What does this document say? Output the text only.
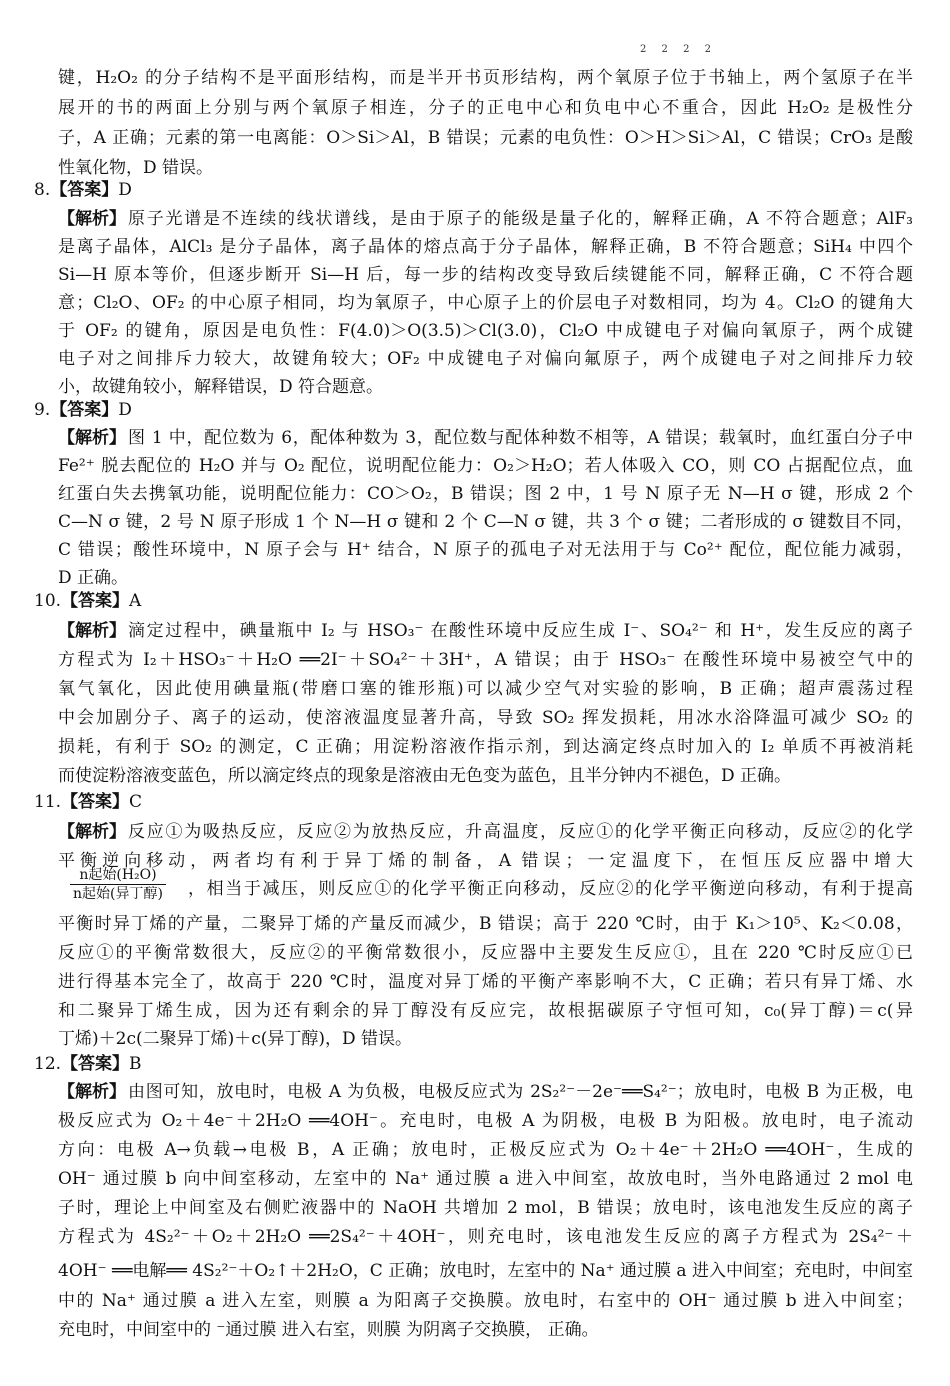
2 2 2 2
键，H₂O₂ 的分子结构不是平面形结构，而是半开书页形结构，两个氧原子位于书轴上，两个氢原子在半
展开的书的两面上分别与两个氧原子相连，分子的正电中心和负电中心不重合，因此 H₂O₂ 是极性分
子，A 正确；元素的第一电离能：O＞Si＞Al，B 错误；元素的电负性：O＞H＞Si＞Al，C 错误；CrO₃ 是酸
性氧化物，D 错误。
8.【答案】D
【解析】 原子光谱是不连续的线状谱线，是由于原子的能级是量子化的，解释正确，A 不符合题意；AlF₃
是离子晶体，AlCl₃ 是分子晶体，离子晶体的熔点高于分子晶体，解释正确，B 不符合题意；SiH₄ 中四个
Si—H 原本等价，但逐步断开 Si—H 后，每一步的结构改变导致后续键能不同，解释正确，C 不符合题
意；Cl₂O、OF₂ 的中心原子相同，均为氧原子，中心原子上的价层电子对数相同，均为 4。Cl₂O 的键角大
于 OF₂ 的键角，原因是电负性：F(4.0)＞O(3.5)＞Cl(3.0)，Cl₂O 中成键电子对偏向氧原子，两个成键
电子对之间排斥力较大，故键角较大；OF₂ 中成键电子对偏向氟原子，两个成键电子对之间排斥力较
小，故键角较小，解释错误，D 符合题意。
9.【答案】D
【解析】 图 1 中，配位数为 6，配体种数为 3，配位数与配体种数不相等，A 错误；载氧时，血红蛋白分子中
Fe²⁺ 脱去配位的 H₂O 并与 O₂ 配位，说明配位能力：O₂＞H₂O；若人体吸入 CO，则 CO 占据配位点，血
红蛋白失去携氧功能，说明配位能力：CO＞O₂，B 错误；图 2 中，1 号 N 原子无 N—H σ 键，形成 2 个
C—N σ 键，2 号 N 原子形成 1 个 N—H σ 键和 2 个 C—N σ 键，共 3 个 σ 键；二者形成的 σ 键数目不同，
C 错误；酸性环境中，N 原子会与 H⁺ 结合，N 原子的孤电子对无法用于与 Co²⁺ 配位，配位能力减弱，
D 正确。
10.【答案】A
【解析】 滴定过程中，碘量瓶中 I₂ 与 HSO₃⁻ 在酸性环境中反应生成 I⁻、SO₄²⁻ 和 H⁺，发生反应的离子
方程式为 I₂＋HSO₃⁻＋H₂O ══2I⁻＋SO₄²⁻＋3H⁺，A 错误；由于 HSO₃⁻ 在酸性环境中易被空气中的
氧气氧化，因此使用碘量瓶(带磨口塞的锥形瓶)可以减少空气对实验的影响，B 正确；超声震荡过程
中会加剧分子、离子的运动，使溶液温度显著升高，导致 SO₂ 挥发损耗，用冰水浴降温可减少 SO₂ 的
损耗，有利于 SO₂ 的测定，C 正确；用淀粉溶液作指示剂，到达滴定终点时加入的 I₂ 单质不再被消耗
而使淀粉溶液变蓝色，所以滴定终点的现象是溶液由无色变为蓝色，且半分钟内不褪色，D 正确。
11.【答案】C
【解析】 反应①为吸热反应，反应②为放热反应，升高温度，反应①的化学平衡正向移动，反应②的化学
平衡逆向移动，两者均有利于异丁烯的制备，A 错误；一定温度下，在恒压反应器中增大
n起始(H₂O)
n起始(异丁醇) ，相当于减压，则反应①的化学平衡正向移动，反应②的化学平衡逆向移动，有利于提高
平衡时异丁烯的产量，二聚异丁烯的产量反而减少，B 错误；高于 220 ℃时，由于 K₁＞10⁵、K₂＜0.08，
反应①的平衡常数很大，反应②的平衡常数很小，反应器中主要发生反应①，且在 220 ℃时反应①已
进行得基本完全了，故高于 220 ℃时，温度对异丁烯的平衡产率影响不大，C 正确；若只有异丁烯、水
和二聚异丁烯生成，因为还有剩余的异丁醇没有反应完，故根据碳原子守恒可知，c₀(异丁醇)＝c(异
丁烯)＋2c(二聚异丁烯)＋c(异丁醇)，D 错误。
12.【答案】B
【解析】 由图可知，放电时，电极 A 为负极，电极反应式为 2S₂²⁻－2e⁻══S₄²⁻；放电时，电极 B 为正极，电
极反应式为 O₂＋4e⁻＋2H₂O ══4OH⁻。充电时，电极 A 为阴极，电极 B 为阳极。放电时，电子流动
方向：电极 A→负载→电极 B，A 正确；放电时，正极反应式为 O₂＋4e⁻＋2H₂O ══4OH⁻，生成的
OH⁻ 通过膜 b 向中间室移动，左室中的 Na⁺ 通过膜 a 进入中间室，故放电时，当外电路通过 2 mol 电
子时，理论上中间室及右侧贮液器中的 NaOH 共增加 2 mol，B 错误；放电时，该电池发生反应的离子
方程式为 4S₂²⁻＋O₂＋2H₂O ══2S₄²⁻＋4OH⁻，则充电时，该电池发生反应的离子方程式为 2S₄²⁻＋
4OH⁻ ══电解══ 4S₂²⁻＋O₂↑＋2H₂O，C 正确；放电时，左室中的 Na⁺ 通过膜 a 进入中间室；充电时，中间室
中的 Na⁺ 通过膜 a 进入左室，则膜 a 为阳离子交换膜。放电时，右室中的 OH⁻ 通过膜 b 进入中间室；
充电时，中间室中的 ⁻通过膜 进入右室，则膜 为阴离子交换膜， 正确。
